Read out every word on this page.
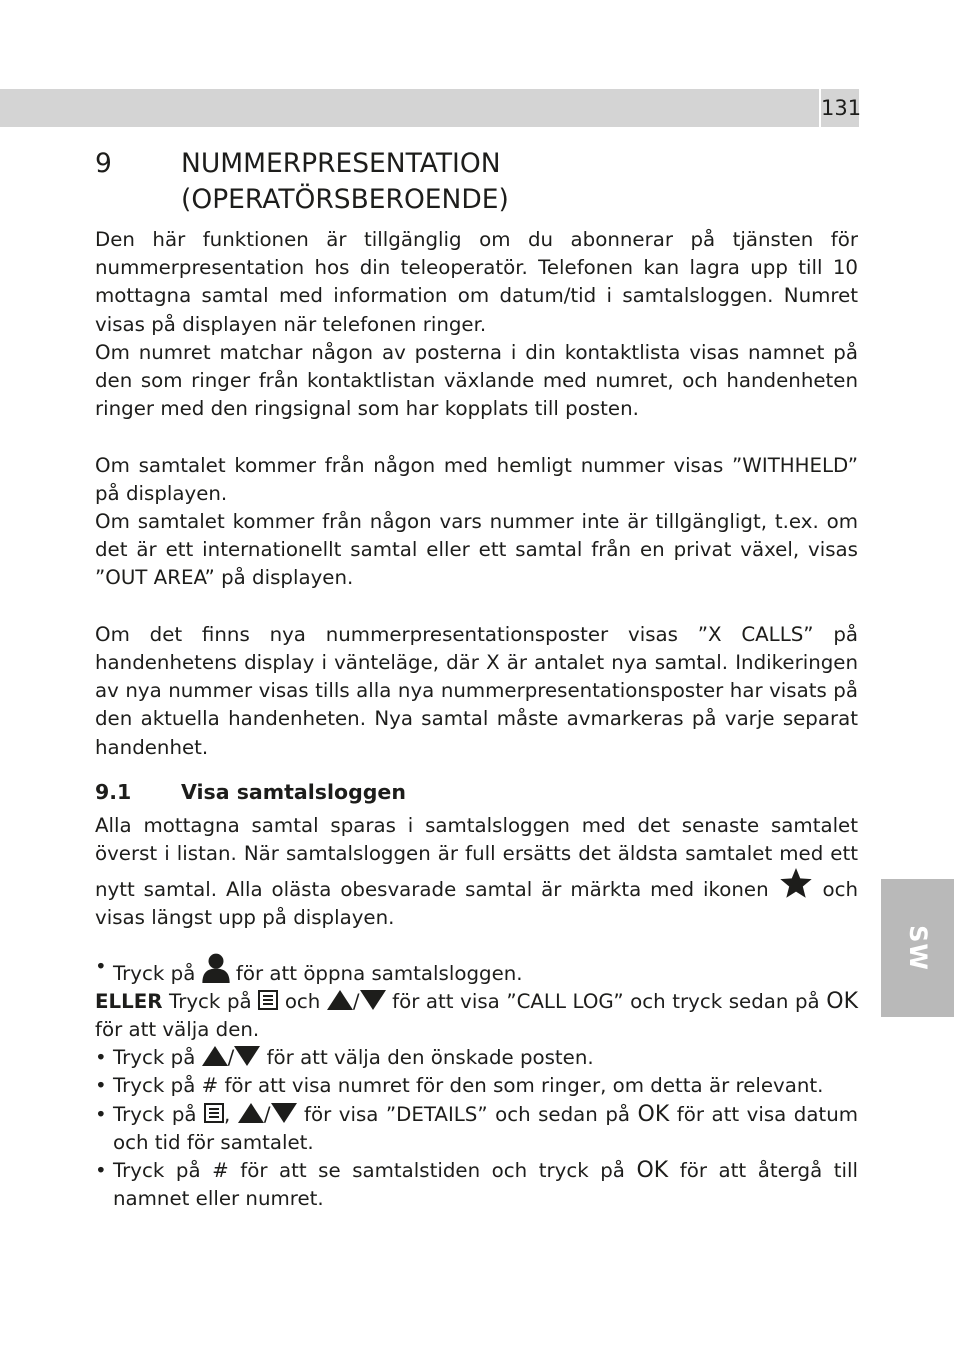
131
SW
9	NUMMERPRESENTATION
(OPERATÖRSBEROENDE)

Den här funktionen är tillgänglig om du abonnerar på tjänsten för nummerpresentation hos din teleoperatör. Telefonen kan lagra upp till 10 mottagna samtal med information om datum/tid i samtalsloggen. Numret visas på displayen när telefonen ringer.

Om numret matchar någon av posterna i din kontaktlista visas namnet på den som ringer från kontaktlistan växlande med numret, och handenheten ringer med den ringsignal som har kopplats till posten.

Om samtalet kommer från någon med hemligt nummer visas ”WITHHELD” på displayen.

Om samtalet kommer från någon vars nummer inte är tillgängligt, t.ex. om det är ett internationellt samtal eller ett samtal från en privat växel, visas ”OUT AREA” på displayen.

Om det finns nya nummerpresentationsposter visas ”X CALLS” på handenhetens display i vänteläge, där X är antalet nya samtal. Indikeringen av nya nummer visas tills alla nya nummerpresentationsposter har visats på den aktuella handenheten. Nya samtal måste avmarkeras på varje separat handenhet.

9.1	Visa samtalsloggen

Alla mottagna samtal sparas i samtalsloggen med det senaste samtalet överst i listan. När samtalsloggen är full ersätts det äldsta samtalet med ett nytt samtal. Alla olästa obesvarade samtal är märkta med ikonen	och visas längst upp på displayen.

• Tryck på för att öppna samtalsloggen.
ELLER Tryck på och / för att visa ”CALL LOG” och tryck sedan på OK för att välja den.
• Tryck på / för att välja den önskade posten.
• Tryck på # för att visa numret för den som ringer, om detta är relevant.
• Tryck på , / för visa ”DETAILS” och sedan på OK för att visa datum och tid för samtalet.
• Tryck på # för att se samtalstiden och tryck på OK för att återgå till namnet eller numret.
